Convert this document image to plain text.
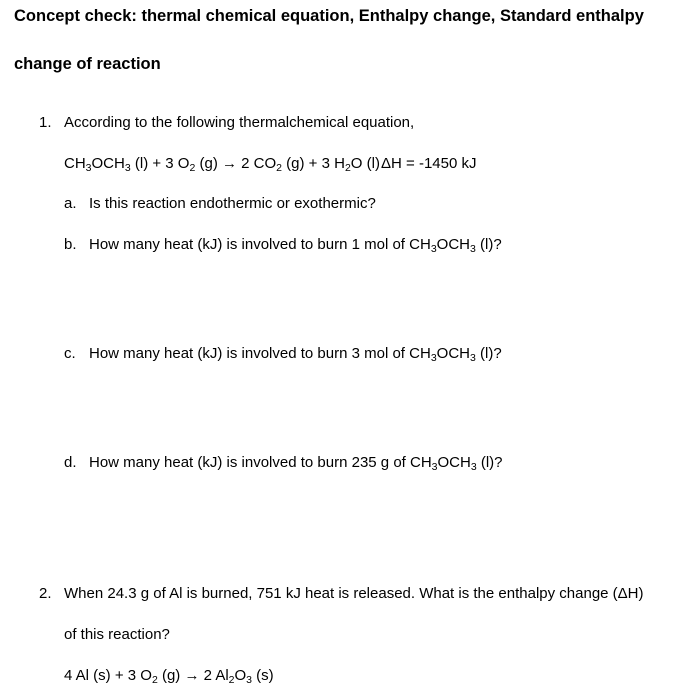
Concept check: thermal chemical equation, Enthalpy change, Standard enthalpy
change of reaction
1. According to the following thermalchemical equation,
$CH_3OCH_3$ (l) + 3 $O_2$ (g) → 2 $CO_2$ (g) + 3 $H_2O$ (l) ΔH = -1450 kJ
a. Is this reaction endothermic or exothermic?
b. How many heat (kJ) is involved to burn 1 mol of $CH_3OCH_3$ (l)?
c. How many heat (kJ) is involved to burn 3 mol of $CH_3OCH_3$ (l)?
d. How many heat (kJ) is involved to burn 235 g of $CH_3OCH_3$ (l)?
2. When 24.3 g of Al is burned, 751 kJ heat is released. What is the enthalpy change (ΔH)
of this reaction?
4 Al (s) + 3 $O_2$ (g) → 2 $Al_2O_3$ (s)
